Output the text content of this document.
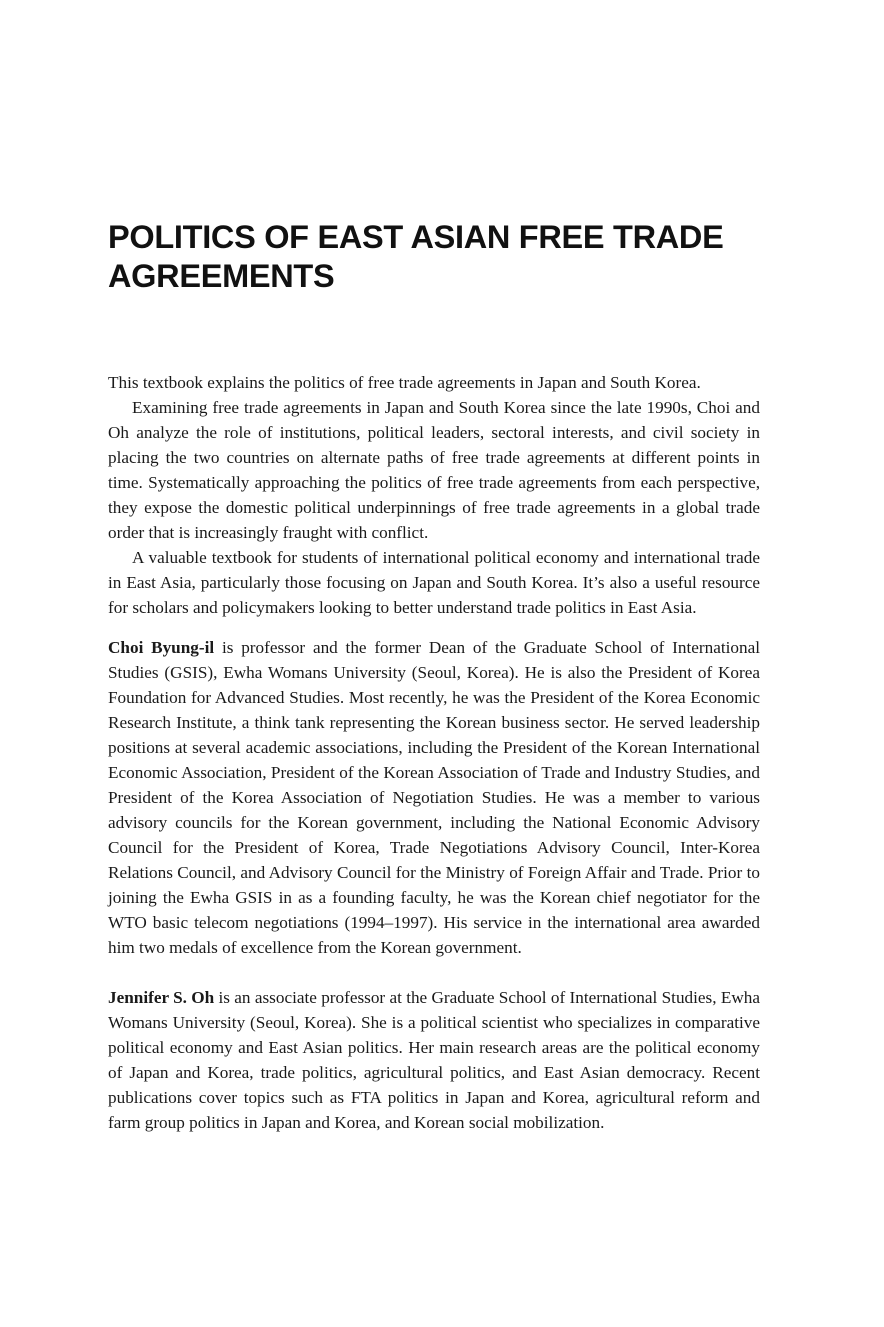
POLITICS OF EAST ASIAN FREE TRADE AGREEMENTS

This textbook explains the politics of free trade agreements in Japan and South Korea.

Examining free trade agreements in Japan and South Korea since the late 1990s, Choi and Oh analyze the role of institutions, political leaders, sectoral interests, and civil society in placing the two countries on alternate paths of free trade agreements at different points in time. Systematically approaching the politics of free trade agreements from each perspective, they expose the domestic political underpinnings of free trade agreements in a global trade order that is increasingly fraught with conflict.

A valuable textbook for students of international political economy and international trade in East Asia, particularly those focusing on Japan and South Korea. It’s also a useful resource for scholars and policymakers looking to better understand trade politics in East Asia.

Choi Byung-il is professor and the former Dean of the Graduate School of International Studies (GSIS), Ewha Womans University (Seoul, Korea). He is also the President of Korea Foundation for Advanced Studies. Most recently, he was the President of the Korea Economic Research Institute, a think tank representing the Korean business sector. He served leadership positions at several academic associations, including the President of the Korean International Economic Association, President of the Korean Association of Trade and Industry Studies, and President of the Korea Association of Negotiation Studies. He was a member to various advisory councils for the Korean government, including the National Economic Advisory Council for the President of Korea, Trade Negotiations Advisory Council, Inter-Korea Relations Council, and Advisory Council for the Ministry of Foreign Affair and Trade. Prior to joining the Ewha GSIS in as a founding faculty, he was the Korean chief negotiator for the WTO basic telecom negotiations (1994–1997). His service in the international area awarded him two medals of excellence from the Korean government.

Jennifer S. Oh is an associate professor at the Graduate School of International Studies, Ewha Womans University (Seoul, Korea). She is a political scientist who specializes in comparative political economy and East Asian politics. Her main research areas are the political economy of Japan and Korea, trade politics, agricultural politics, and East Asian democracy. Recent publications cover topics such as FTA politics in Japan and Korea, agricultural reform and farm group politics in Japan and Korea, and Korean social mobilization.
